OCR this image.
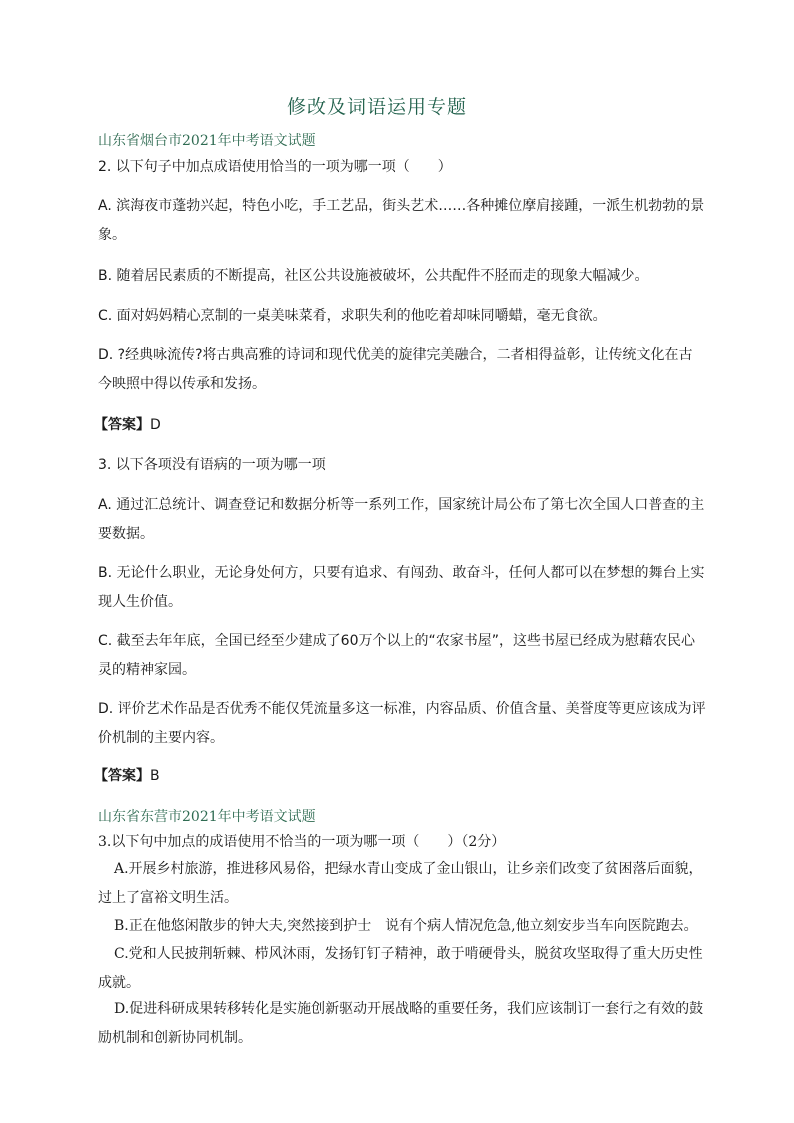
修改及词语运用专题
山东省烟台市2021年中考语文试题
2. 以下句子中加点成语使用恰当的一项为哪一项（　　）
A. 滨海夜市蓬勃兴起，特色小吃，手工艺品，街头艺术……各种摊位摩肩接踵，一派生机勃勃的景象。
B. 随着居民素质的不断提高，社区公共设施被破坏，公共配件不胫而走的现象大幅减少。
C. 面对妈妈精心烹制的一桌美味菜肴，求职失利的他吃着却味同嚼蜡，毫无食欲。
D. ?经典咏流传?将古典高雅的诗词和现代优美的旋律完美融合，二者相得益彰，让传统文化在古今映照中得以传承和发扬。
【答案】D
3. 以下各项没有语病的一项为哪一项
A. 通过汇总统计、调查登记和数据分析等一系列工作，国家统计局公布了第七次全国人口普查的主要数据。
B. 无论什么职业，无论身处何方，只要有追求、有闯劲、敢奋斗，任何人都可以在梦想的舞台上实现人生价值。
C. 截至去年年底，全国已经至少建成了60万个以上的“农家书屋”，这些书屋已经成为慰藉农民心灵的精神家园。
D. 评价艺术作品是否优秀不能仅凭流量多这一标准，内容品质、价值含量、美誉度等更应该成为评价机制的主要内容。
【答案】B
山东省东营市2021年中考语文试题
3.以下句中加点的成语使用不恰当的一项为哪一项（　　）（2分）
A.开展乡村旅游，推进移风易俗，把绿水青山变成了金山银山，让乡亲们改变了贫困落后面貌，过上了富裕文明生活。
B.正在他悠闲散步的钟大夫,突然接到护士　说有个病人情况危急,他立刻安步当车向医院跑去。
C.党和人民披荆斩棘、栉风沐雨，发扬钉钉子精神，敢于啃硬骨头，脱贫攻坚取得了重大历史性成就。
D.促进科研成果转移转化是实施创新驱动开展战略的重要任务，我们应该制订一套行之有效的鼓励机制和创新协同机制。
